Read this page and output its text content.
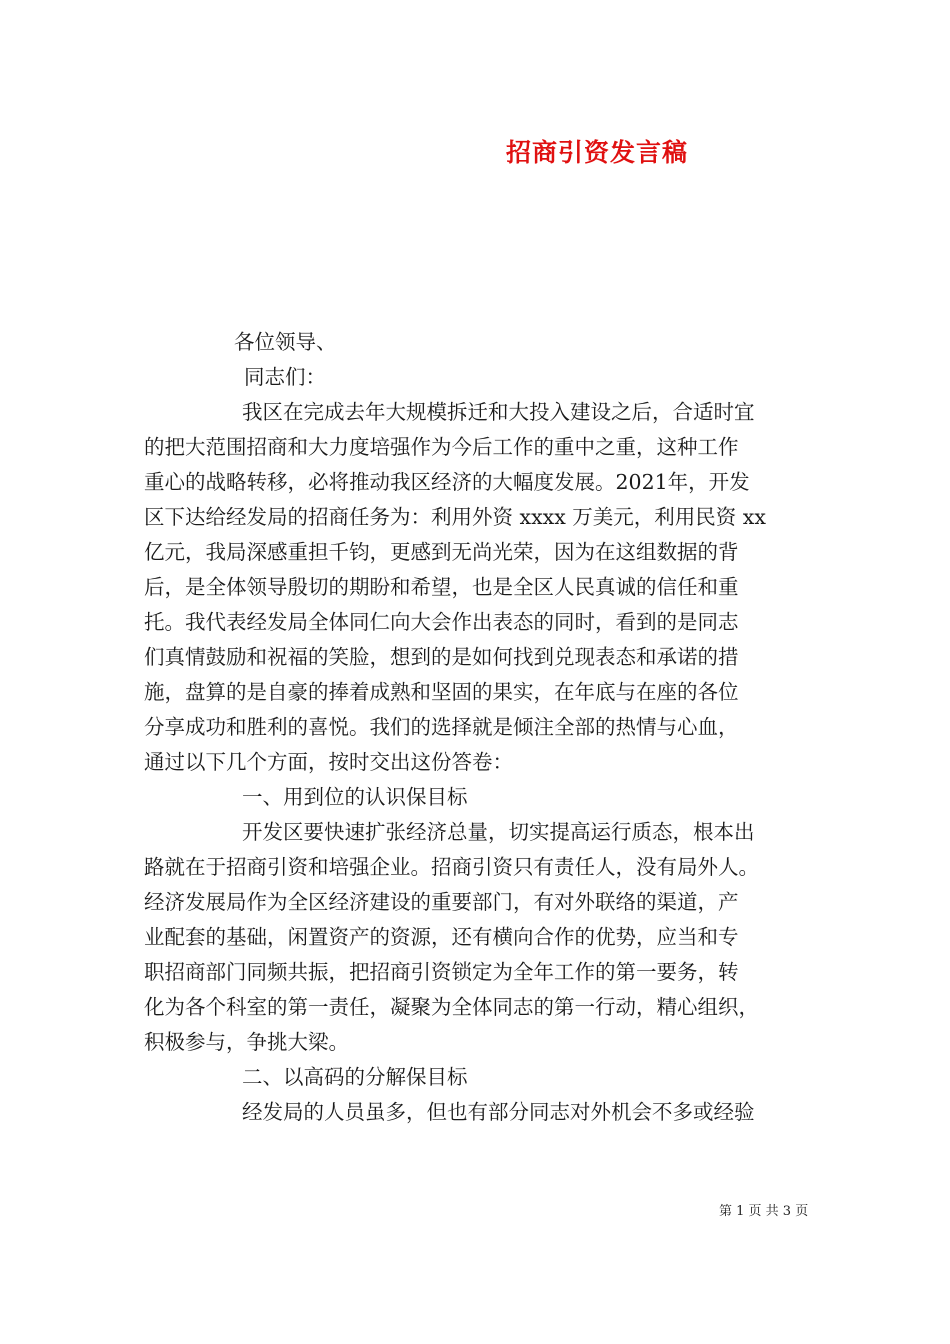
招商引资发言稿
各位领导、
同志们：
我区在完成去年大规模拆迁和大投入建设之后，合适时宜
的把大范围招商和大力度培强作为今后工作的重中之重，这种工作
重心的战略转移，必将推动我区经济的大幅度发展。2021年，开发
区下达给经发局的招商任务为：利用外资 xxxx 万美元，利用民资 xx
亿元，我局深感重担千钧，更感到无尚光荣，因为在这组数据的背
后，是全体领导殷切的期盼和希望，也是全区人民真诚的信任和重
托。我代表经发局全体同仁向大会作出表态的同时，看到的是同志
们真情鼓励和祝福的笑脸，想到的是如何找到兑现表态和承诺的措
施，盘算的是自豪的捧着成熟和坚固的果实，在年底与在座的各位
分享成功和胜利的喜悦。我们的选择就是倾注全部的热情与心血，
通过以下几个方面，按时交出这份答卷：
一、用到位的认识保目标
开发区要快速扩张经济总量，切实提高运行质态，根本出
路就在于招商引资和培强企业。招商引资只有责任人，没有局外人。
经济发展局作为全区经济建设的重要部门，有对外联络的渠道，产
业配套的基础，闲置资产的资源，还有横向合作的优势，应当和专
职招商部门同频共振，把招商引资锁定为全年工作的第一要务，转
化为各个科室的第一责任，凝聚为全体同志的第一行动，精心组织，
积极参与，争挑大梁。
二、以高码的分解保目标
经发局的人员虽多，但也有部分同志对外机会不多或经验
第 1 页 共 3 页
